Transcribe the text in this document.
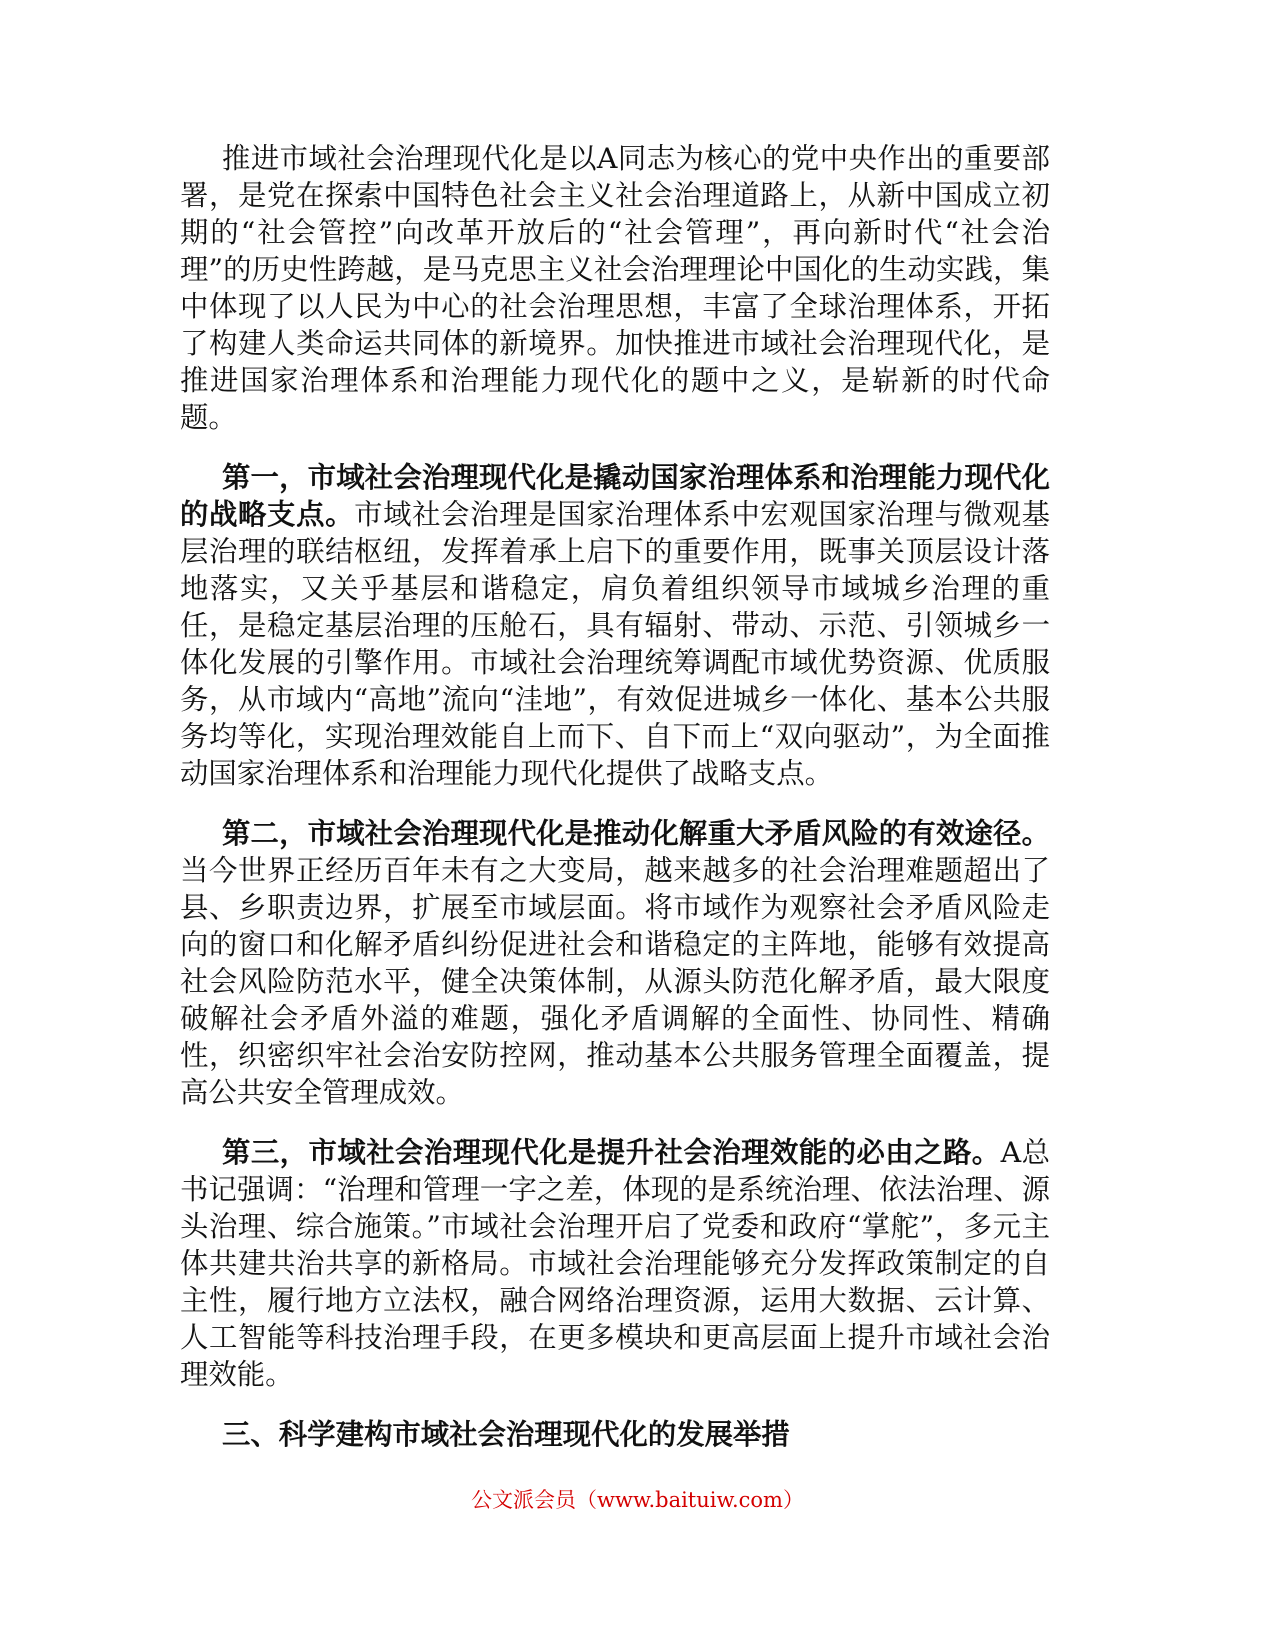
推进市域社会治理现代化是以A同志为核心的党中央作出的重要部署，是党在探索中国特色社会主义社会治理道路上，从新中国成立初期的“社会管控”向改革开放后的“社会管理”，再向新时代“社会治理”的历史性跨越，是马克思主义社会治理理论中国化的生动实践，集中体现了以人民为中心的社会治理思想，丰富了全球治理体系，开拓了构建人类命运共同体的新境界。加快推进市域社会治理现代化，是推进国家治理体系和治理能力现代化的题中之义，是崭新的时代命题。

第一，市域社会治理现代化是撬动国家治理体系和治理能力现代化的战略支点。市域社会治理是国家治理体系中宏观国家治理与微观基层治理的联结枢纽，发挥着承上启下的重要作用，既事关顶层设计落地落实，又关乎基层和谐稳定，肩负着组织领导市域城乡治理的重任，是稳定基层治理的压舱石，具有辐射、带动、示范、引领城乡一体化发展的引擎作用。市域社会治理统筹调配市域优势资源、优质服务，从市域内“高地”流向“洼地”，有效促进城乡一体化、基本公共服务均等化，实现治理效能自上而下、自下而上“双向驱动”，为全面推动国家治理体系和治理能力现代化提供了战略支点。

第二，市域社会治理现代化是推动化解重大矛盾风险的有效途径。当今世界正经历百年未有之大变局，越来越多的社会治理难题超出了县、乡职责边界，扩展至市域层面。将市域作为观察社会矛盾风险走向的窗口和化解矛盾纠纷促进社会和谐稳定的主阵地，能够有效提高社会风险防范水平，健全决策体制，从源头防范化解矛盾，最大限度破解社会矛盾外溢的难题，强化矛盾调解的全面性、协同性、精确性，织密织牢社会治安防控网，推动基本公共服务管理全面覆盖，提高公共安全管理成效。

第三，市域社会治理现代化是提升社会治理效能的必由之路。A总书记强调：“治理和管理一字之差，体现的是系统治理、依法治理、源头治理、综合施策。”市域社会治理开启了党委和政府“掌舵”，多元主体共建共治共享的新格局。市域社会治理能够充分发挥政策制定的自主性，履行地方立法权，融合网络治理资源，运用大数据、云计算、人工智能等科技治理手段，在更多模块和更高层面上提升市域社会治理效能。

三、科学建构市域社会治理现代化的发展举措

公文派会员（www.baituiw.com）
